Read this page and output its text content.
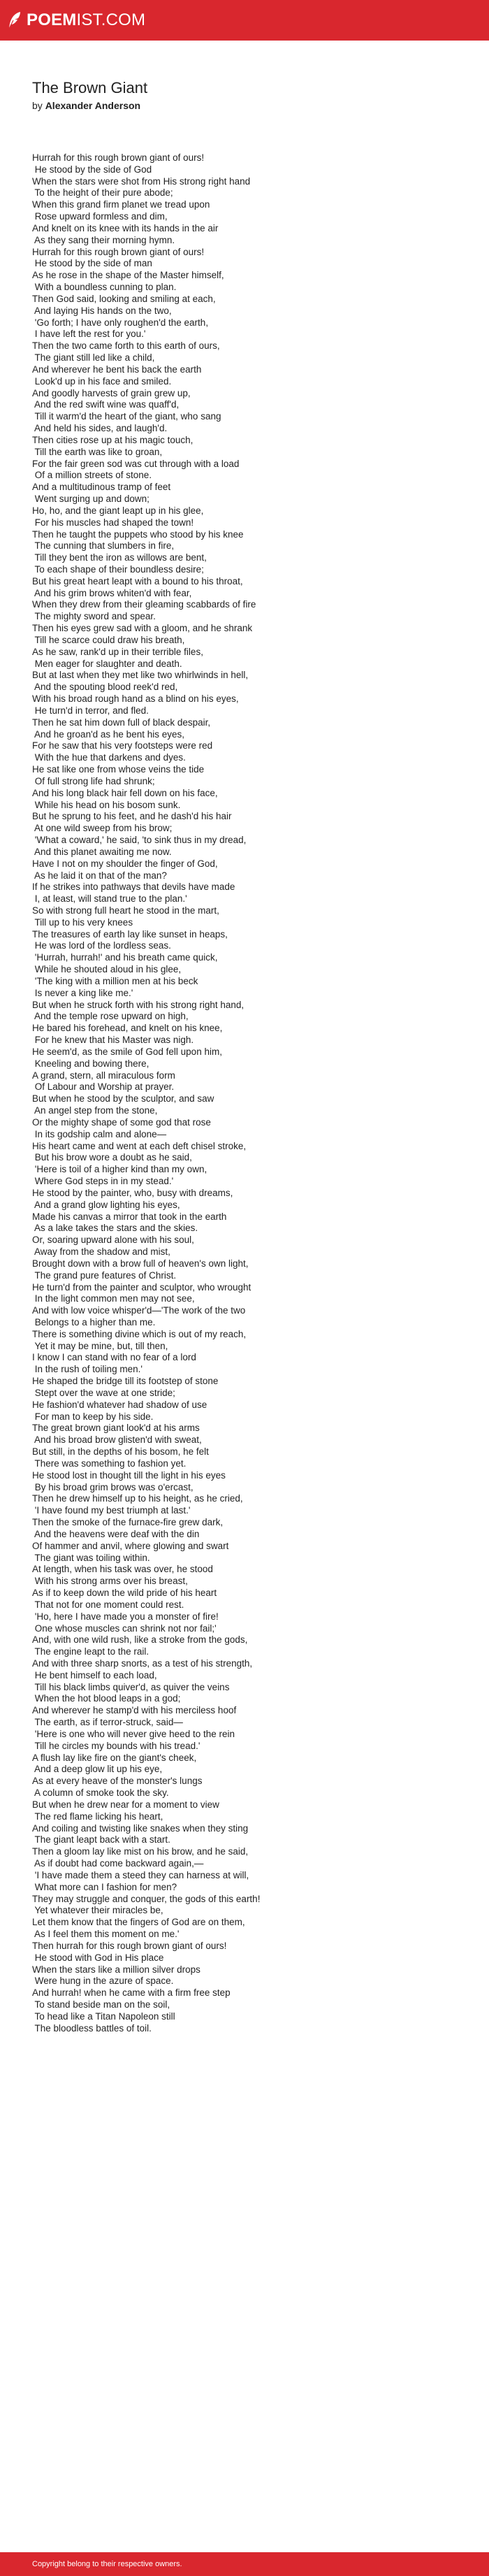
POEMIST.COM
The Brown Giant

by Alexander Anderson

Hurrah for this rough brown giant of ours!
He stood by the side of God
When the stars were shot from His strong right hand
To the height of their pure abode;
When this grand firm planet we tread upon
Rose upward formless and dim,
And knelt on its knee with its hands in the air
As they sang their morning hymn.
Hurrah for this rough brown giant of ours!
He stood by the side of man
As he rose in the shape of the Master himself,
With a boundless cunning to plan.
Then God said, looking and smiling at each,
And laying His hands on the two,
'Go forth; I have only roughen'd the earth,
I have left the rest for you.'
Then the two came forth to this earth of ours,
The giant still led like a child,
And wherever he bent his back the earth
Look'd up in his face and smiled.
And goodly harvests of grain grew up,
And the red swift wine was quaff'd,
Till it warm'd the heart of the giant, who sang
And held his sides, and laugh'd.
Then cities rose up at his magic touch,
Till the earth was like to groan,
For the fair green sod was cut through with a load
Of a million streets of stone.
And a multitudinous tramp of feet
Went surging up and down;
Ho, ho, and the giant leapt up in his glee,
For his muscles had shaped the town!
Then he taught the puppets who stood by his knee
The cunning that slumbers in fire,
Till they bent the iron as willows are bent,
To each shape of their boundless desire;
But his great heart leapt with a bound to his throat,
And his grim brows whiten'd with fear,
When they drew from their gleaming scabbards of fire
The mighty sword and spear.
Then his eyes grew sad with a gloom, and he shrank
Till he scarce could draw his breath,
As he saw, rank'd up in their terrible files,
Men eager for slaughter and death.
But at last when they met like two whirlwinds in hell,
And the spouting blood reek'd red,
With his broad rough hand as a blind on his eyes,
He turn'd in terror, and fled.
Then he sat him down full of black despair,
And he groan'd as he bent his eyes,
For he saw that his very footsteps were red
With the hue that darkens and dyes.
He sat like one from whose veins the tide
Of full strong life had shrunk;
And his long black hair fell down on his face,
While his head on his bosom sunk.
But he sprung to his feet, and he dash'd his hair
At one wild sweep from his brow;
'What a coward,' he said, 'to sink thus in my dread,
And this planet awaiting me now.
Have I not on my shoulder the finger of God,
As he laid it on that of the man?
If he strikes into pathways that devils have made
I, at least, will stand true to the plan.'
So with strong full heart he stood in the mart,
Till up to his very knees
The treasures of earth lay like sunset in heaps,
He was lord of the lordless seas.
'Hurrah, hurrah!' and his breath came quick,
While he shouted aloud in his glee,
'The king with a million men at his beck
Is never a king like me.'
But when he struck forth with his strong right hand,
And the temple rose upward on high,
He bared his forehead, and knelt on his knee,
For he knew that his Master was nigh.
He seem'd, as the smile of God fell upon him,
Kneeling and bowing there,
A grand, stern, all miraculous form
Of Labour and Worship at prayer.
But when he stood by the sculptor, and saw
An angel step from the stone,
Or the mighty shape of some god that rose
In its godship calm and alone—
His heart came and went at each deft chisel stroke,
But his brow wore a doubt as he said,
'Here is toil of a higher kind than my own,
Where God steps in in my stead.'
He stood by the painter, who, busy with dreams,
And a grand glow lighting his eyes,
Made his canvas a mirror that took in the earth
As a lake takes the stars and the skies.
Or, soaring upward alone with his soul,
Away from the shadow and mist,
Brought down with a brow full of heaven's own light,
The grand pure features of Christ.
He turn'd from the painter and sculptor, who wrought
In the light common men may not see,
And with low voice whisper'd—'The work of the two
Belongs to a higher than me.
There is something divine which is out of my reach,
Yet it may be mine, but, till then,
I know I can stand with no fear of a lord
In the rush of toiling men.'
He shaped the bridge till its footstep of stone
Stept over the wave at one stride;
He fashion'd whatever had shadow of use
For man to keep by his side.
The great brown giant look'd at his arms
And his broad brow glisten'd with sweat,
But still, in the depths of his bosom, he felt
There was something to fashion yet.
He stood lost in thought till the light in his eyes
By his broad grim brows was o'ercast,
Then he drew himself up to his height, as he cried,
'I have found my best triumph at last.'
Then the smoke of the furnace-fire grew dark,
And the heavens were deaf with the din
Of hammer and anvil, where glowing and swart
The giant was toiling within.
At length, when his task was over, he stood
With his strong arms over his breast,
As if to keep down the wild pride of his heart
That not for one moment could rest.
'Ho, here I have made you a monster of fire!
One whose muscles can shrink not nor fail;'
And, with one wild rush, like a stroke from the gods,
The engine leapt to the rail.
And with three sharp snorts, as a test of his strength,
He bent himself to each load,
Till his black limbs quiver'd, as quiver the veins
When the hot blood leaps in a god;
And wherever he stamp'd with his merciless hoof
The earth, as if terror-struck, said—
'Here is one who will never give heed to the rein
Till he circles my bounds with his tread.'
A flush lay like fire on the giant's cheek,
And a deep glow lit up his eye,
As at every heave of the monster's lungs
A column of smoke took the sky.
But when he drew near for a moment to view
The red flame licking his heart,
And coiling and twisting like snakes when they sting
The giant leapt back with a start.
Then a gloom lay like mist on his brow, and he said,
As if doubt had come backward again,—
'I have made them a steed they can harness at will,
What more can I fashion for men?
They may struggle and conquer, the gods of this earth!
Yet whatever their miracles be,
Let them know that the fingers of God are on them,
As I feel them this moment on me.'
Then hurrah for this rough brown giant of ours!
He stood with God in His place
When the stars like a million silver drops
Were hung in the azure of space.
And hurrah! when he came with a firm free step
To stand beside man on the soil,
To head like a Titan Napoleon still
The bloodless battles of toil.
Copyright belong to their respective owners.
